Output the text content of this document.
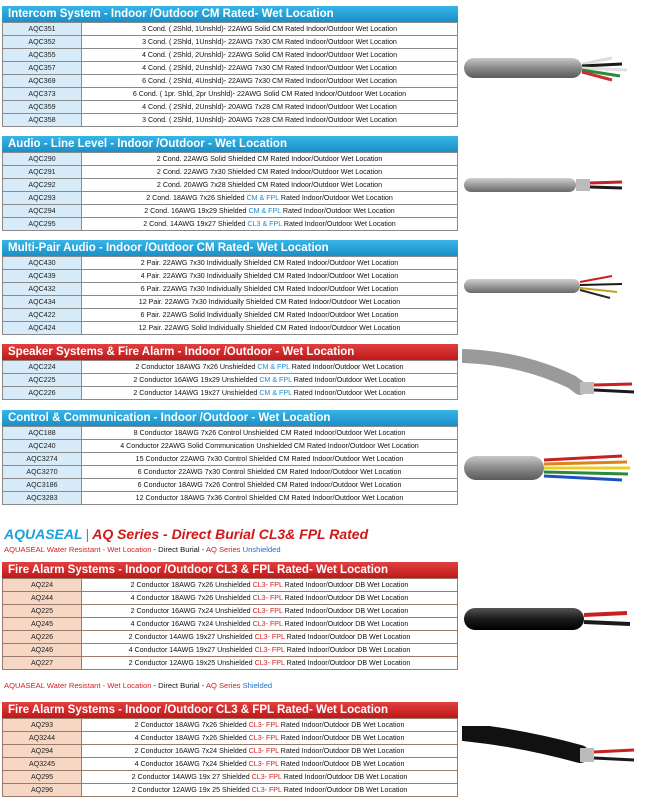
Intercom System - Indoor /Outdoor CM Rated- Wet Location
AQC351	3 Cond. ( 2Shld, 1Unshld)- 22AWG Solid CM Rated Indoor/Outdoor Wet Location
AQC352	3 Cond. ( 2Shld, 1Unshld)- 22AWG 7x30 CM Rated Indoor/Outdoor Wet Location
AQC355	4 Cond. ( 2Shld, 2Unshld)- 22AWG Solid CM Rated Indoor/Outdoor Wet Location
AQC357	4 Cond. ( 2Shld, 2Unshld)- 22AWG 7x30 CM Rated Indoor/Outdoor Wet Location
AQC369	6 Cond. ( 2Shld, 4Unshld)- 22AWG 7x30 CM Rated Indoor/Outdoor Wet Location
AQC373	6 Cond. ( 1pr. Shld, 2pr Unshld)- 22AWG Solid CM Rated Indoor/Outdoor Wet Location
AQC359	4 Cond. ( 2Shld, 2Unshld)- 20AWG 7x28 CM Rated Indoor/Outdoor Wet Location
AQC358	3 Cond. ( 2Shld, 1Unshld)- 20AWG 7x28 CM Rated Indoor/Outdoor Wet Location
Audio - Line Level - Indoor /Outdoor - Wet Location
AQC290	2 Cond. 22AWG Solid Shielded CM Rated Indoor/Outdoor Wet Location
AQC291	2 Cond. 22AWG 7x30 Shielded CM Rated Indoor/Outdoor Wet Location
AQC292	2 Cond. 20AWG 7x28 Shielded CM Rated Indoor/Outdoor Wet Location
AQC293	2 Cond. 18AWG 7x26 Shielded CM & FPL Rated Indoor/Outdoor Wet Location
AQC294	2 Cond. 16AWG 19x29 Shielded CM & FPL Rated Indoor/Outdoor Wet Location
AQC295	2 Cond. 14AWG 19x27 Shielded CL3 & FPL Rated Indoor/Outdoor Wet Location
Multi-Pair Audio - Indoor /Outdoor CM Rated- Wet Location
AQC430	2 Pair. 22AWG 7x30 Individually Shielded CM Rated Indoor/Outdoor Wet Location
AQC439	4 Pair. 22AWG 7x30 Individually Shielded CM Rated Indoor/Outdoor Wet Location
AQC432	6 Pair. 22AWG 7x30 Individually Shielded CM Rated Indoor/Outdoor Wet Location
AQC434	12 Pair. 22AWG 7x30 Individually Shielded CM Rated Indoor/Outdoor Wet Location
AQC422	6 Pair. 22AWG Solid Individually Shielded CM Rated Indoor/Outdoor Wet Location
AQC424	12 Pair. 22AWG Solid Individually Shielded CM Rated Indoor/Outdoor Wet Location
Speaker Systems & Fire Alarm - Indoor /Outdoor - Wet Location
AQC224	2 Conductor 18AWG 7x26 Unshielded CM & FPL Rated Indoor/Outdoor Wet Location
AQC225	2 Conductor 16AWG 19x29 Unshielded CM & FPL Rated Indoor/Outdoor Wet Location
AQC226	2 Conductor 14AWG 19x27 Unshielded CM & FPL Rated Indoor/Outdoor Wet Location
Control & Communication - Indoor /Outdoor - Wet Location
AQC188	8 Conductor 18AWG 7x26 Control Unshielded CM Rated Indoor/Outdoor Wet Location
AQC240	4 Conductor 22AWG Solid Communication Unshielded CM Rated Indoor/Outdoor Wet Location
AQC3274	15 Conductor 22AWG 7x30 Control Shielded CM Rated Indoor/Outdoor Wet Location
AQC3270	6 Conductor 22AWG 7x30 Control Shielded CM Rated Indoor/Outdoor Wet Location
AQC3186	6 Conductor 18AWG 7x26 Control Shielded CM Rated Indoor/Outdoor Wet Location
AQC3283	12 Conductor 18AWG 7x36 Control Shielded CM Rated Indoor/Outdoor Wet Location
AQUASEAL | AQ Series - Direct Burial CL3& FPL Rated
AQUASEAL Water Resistant - Wet Location - Direct Burial - AQ Series Unshielded
Fire Alarm Systems - Indoor /Outdoor CL3 & FPL Rated- Wet Location
AQ224	2 Conductor 18AWG 7x26 Unshielded CL3- FPL Rated Indoor/Outdoor DB Wet Location
AQ244	4 Conductor 18AWG 7x26 Unshielded CL3- FPL Rated Indoor/Outdoor DB Wet Location
AQ225	2 Conductor 16AWG 7x24 Unshielded CL3- FPL Rated Indoor/Outdoor DB Wet Location
AQ245	4 Conductor 16AWG 7x24 Unshielded CL3- FPL Rated Indoor/Outdoor DB Wet Location
AQ226	2 Conductor 14AWG 19x27 Unshielded CL3- FPL Rated Indoor/Outdoor DB Wet Location
AQ246	4 Conductor 14AWG 19x27 Unshielded CL3- FPL Rated Indoor/Outdoor DB Wet Location
AQ227	2 Conductor 12AWG 19x25 Unshielded CL3- FPL Rated Indoor/Outdoor DB Wet Location
AQUASEAL Water Resistant - Wet Location - Direct Burial - AQ Series Shielded
Fire Alarm Systems - Indoor /Outdoor CL3 & FPL Rated- Wet Location
AQ293	2 Conductor 18AWG 7x26 Shielded CL3- FPL Rated Indoor/Outdoor DB Wet Location
AQ3244	4 Conductor 18AWG 7x26 Shielded CL3- FPL Rated Indoor/Outdoor DB Wet Location
AQ294	2 Conductor 16AWG 7x24 Shielded CL3- FPL Rated Indoor/Outdoor DB Wet Location
AQ3245	4 Conductor 16AWG 7x24 Shielded CL3- FPL Rated Indoor/Outdoor DB Wet Location
AQ295	2 Conductor 14AWG 19x 27 Shielded CL3- FPL Rated Indoor/Outdoor DB Wet Location
AQ296	2 Conductor 12AWG 19x 25 Shielded CL3- FPL Rated Indoor/Outdoor DB Wet Location
